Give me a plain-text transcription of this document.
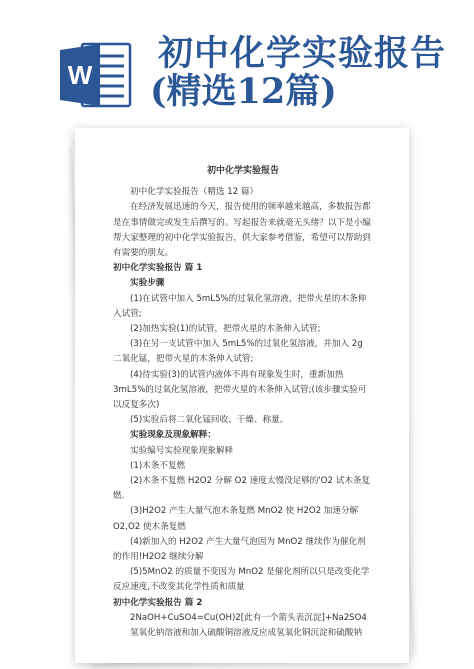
W
初中化学实验报告
(精选12篇)
初中化学实验报告

初中化学实验报告（精选 12 篇）

在经济发展迅速的今天，报告使用的频率越来越高，多数报告都是在事情做完或发生后撰写的。写起报告来就毫无头绪？以下是小编帮大家整理的初中化学实验报告，供大家参考借鉴，希望可以帮助到有需要的朋友。

初中化学实验报告 篇 1

实验步骤

(1)在试管中加入 5mL5%的过氧化氢溶液，把带火星的木条伸入试管;

(2)加热实验(1)的试管，把带火星的木条伸入试管;

(3)在另一支试管中加入 5mL5%的过氧化氢溶液，并加入 2g 二氧化锰，把带火星的木条伸入试管;

(4)待实验(3)的试管内液体不再有现象发生时，重新加热 3mL5%的过氧化氢溶液，把带火星的木条伸入试管;(该步骤实验可以反复多次)

(5)实验后将二氧化锰回收、干燥、称量。

实验现象及现象解释：

实验编号实验现象现象解释

(1)木条不复燃

(2)木条不复燃 H2O2 分解 O2 速度太慢没足够的'O2 试木条复燃.

(3)H2O2 产生大量气泡木条复燃 MnO2 使 H2O2 加速分解 O2,O2 使木条复燃

(4)新加入的 H2O2 产生大量气泡因为 MnO2 继续作为催化剂的作用!H2O2 继续分解

(5)5MnO2 的质量不变因为 MnO2 是催化剂所以只是改变化学反应速度,不改变其化学性质和质量

初中化学实验报告 篇 2

2NaOH+CuSO4=Cu(OH)2[此有一个箭头表沉淀]+Na2SO4

氢氧化钠溶液和加入硫酸铜溶液反应成氢氧化铜沉淀和硫酸钠
